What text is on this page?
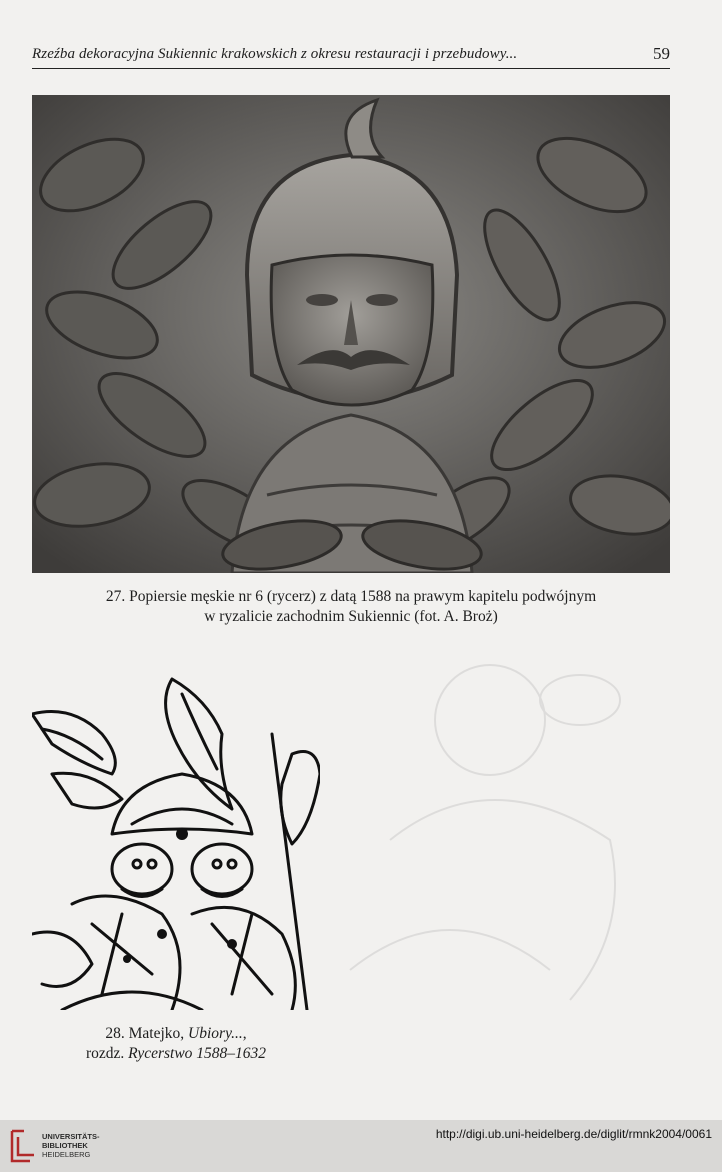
Rzeźba dekoracyjna Sukiennic krakowskich z okresu restauracji i przebudowy...	59
27. Popiersie męskie nr 6 (rycerz) z datą 1588 na prawym kapitelu podwójnym
w ryzalicie zachodnim Sukiennic (fot. A. Broż)
28. Matejko, Ubiory...,
rozdz. Rycerstwo 1588–1632
UNIVERSITÄTS-
BIBLIOTHEK
HEIDELBERG
http://digi.ub.uni-heidelberg.de/diglit/rmnk2004/0061
